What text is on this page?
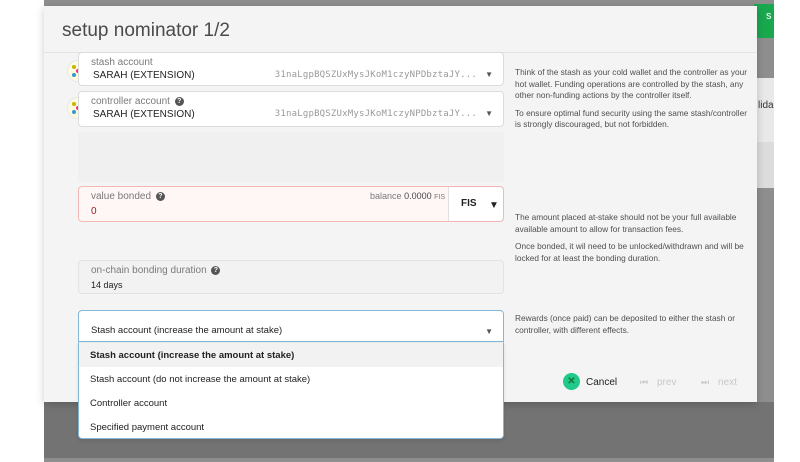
s
lida
setup nominator 1/2
stash account
SARAH (EXTENSION)	31naLgpBQSZUxMysJKoM1czyNPDbztaJY... ▼
controller account ?
SARAH (EXTENSION)	31naLgpBQSZUxMysJKoM1czyNPDbztaJY... ▼
value bonded ?
0
balance 0.0000 FIS
FIS ▼
on-chain bonding duration ?
14 days

Think of the stash as your cold wallet and the controller as your hot wallet. Funding operations are controlled by the stash, any other non-funding actions by the controller itself.

To ensure optimal fund security using the same stash/controller is strongly discouraged, but not forbidden.

The amount placed at-stake should not be your full available available amount to allow for transaction fees.

Once bonded, it wil need to be unlocked/withdrawn and will be locked for at least the bonding duration.

Rewards (once paid) can be deposited to either the stash or controller, with different effects.

✕	Cancel	⏮ prev	⏭ next
Stash account (increase the amount at stake)	▼
Stash account (increase the amount at stake)
Stash account (do not increase the amount at stake)
Controller account
Specified payment account
